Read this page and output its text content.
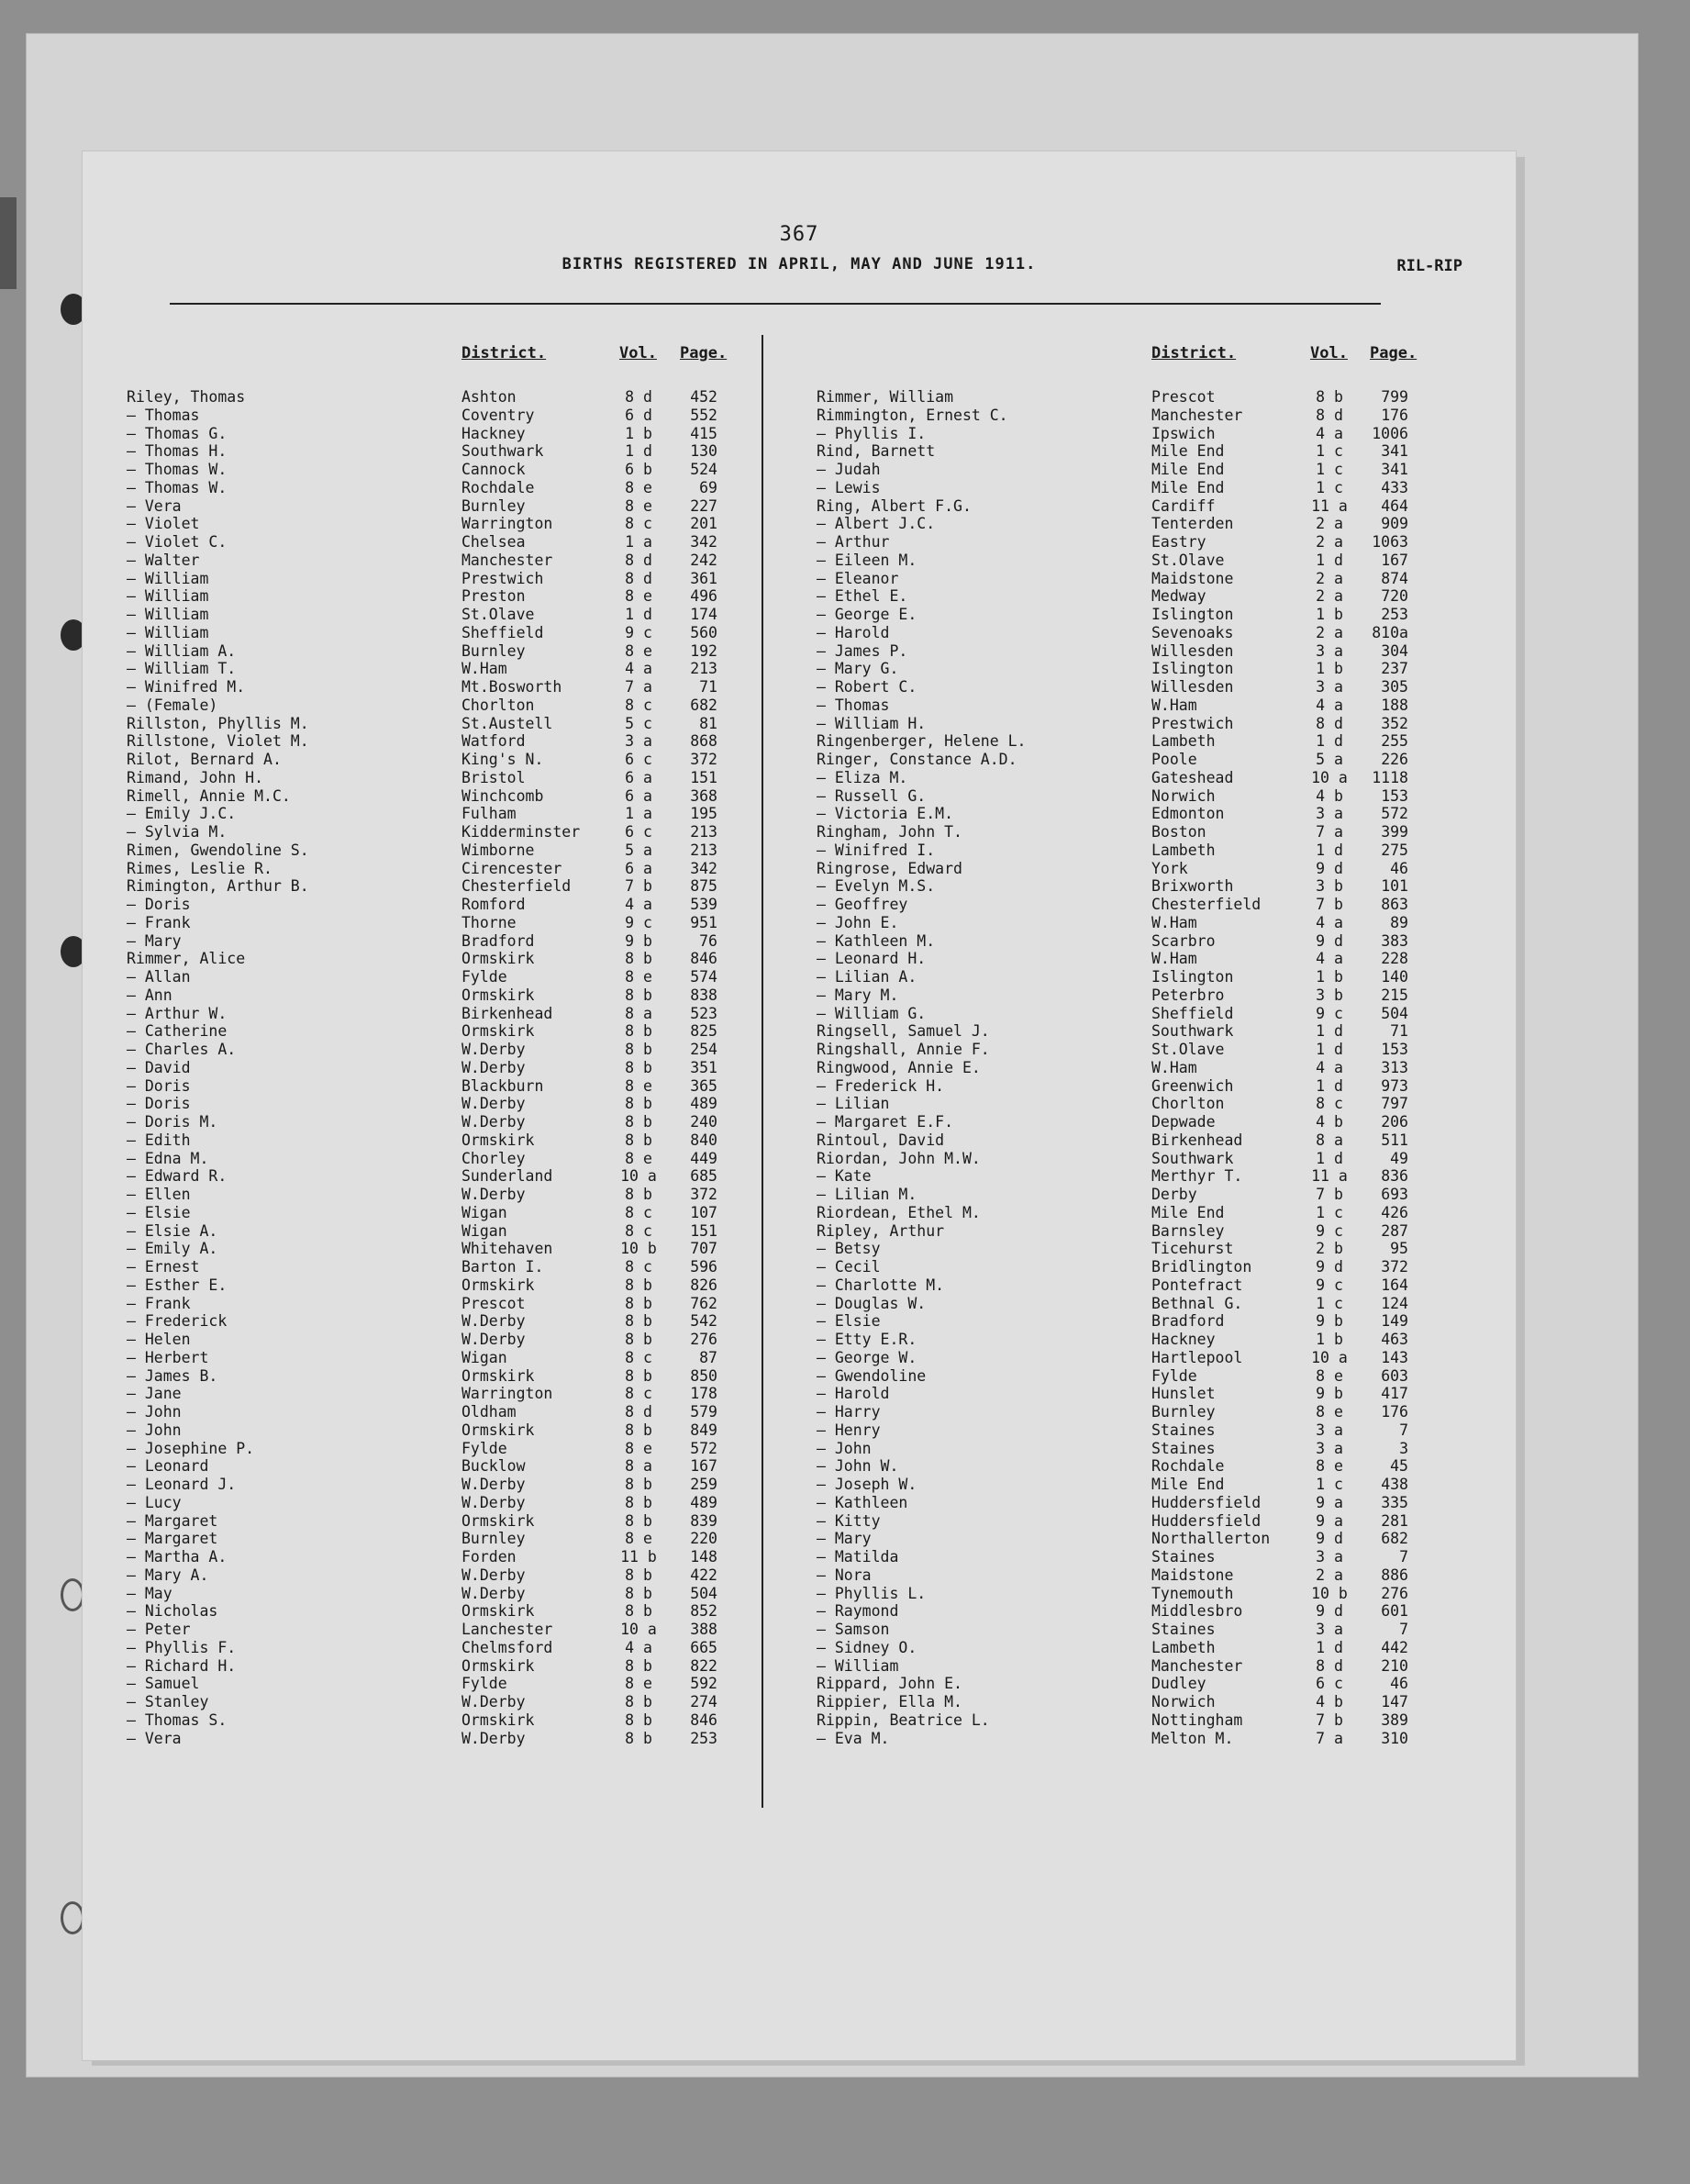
367
BIRTHS REGISTERED IN APRIL, MAY AND JUNE 1911.	RIL-RIP
District.	Vol. Page.
Riley, Thomas	Ashton	8 d	452
— Thomas	Coventry	6 d	552
— Thomas G.	Hackney	1 b	415
— Thomas H.	Southwark	1 d	130
— Thomas W.	Cannock	6 b	524
— Thomas W.	Rochdale	8 e	69
— Vera	Burnley	8 e	227
— Violet	Warrington	8 c	201
— Violet C.	Chelsea	1 a	342
— Walter	Manchester	8 d	242
— William	Prestwich	8 d	361
— William	Preston	8 e	496
— William	St.Olave	1 d	174
— William	Sheffield	9 c	560
— William A.	Burnley	8 e	192
— William T.	W.Ham	4 a	213
— Winifred M.	Mt.Bosworth	7 a	71
— (Female)	Chorlton	8 c	682
Rillston, Phyllis M.	St.Austell	5 c	81
Rillstone, Violet M.	Watford	3 a	868
Rilot, Bernard A.	King's N.	6 c	372
Rimand, John H.	Bristol	6 a	151
Rimell, Annie M.C.	Winchcomb	6 a	368
— Emily J.C.	Fulham	1 a	195
— Sylvia M.	Kidderminster	6 c	213
Rimen, Gwendoline S.	Wimborne	5 a	213
Rimes, Leslie R.	Cirencester	6 a	342
Rimington, Arthur B.	Chesterfield	7 b	875
— Doris	Romford	4 a	539
— Frank	Thorne	9 c	951
— Mary	Bradford	9 b	76
Rimmer, Alice	Ormskirk	8 b	846
— Allan	Fylde	8 e	574
— Ann	Ormskirk	8 b	838
— Arthur W.	Birkenhead	8 a	523
— Catherine	Ormskirk	8 b	825
— Charles A.	W.Derby	8 b	254
— David	W.Derby	8 b	351
— Doris	Blackburn	8 e	365
— Doris	W.Derby	8 b	489
— Doris M.	W.Derby	8 b	240
— Edith	Ormskirk	8 b	840
— Edna M.	Chorley	8 e	449
— Edward R.	Sunderland	10 a	685
— Ellen	W.Derby	8 b	372
— Elsie	Wigan	8 c	107
— Elsie A.	Wigan	8 c	151
— Emily A.	Whitehaven	10 b	707
— Ernest	Barton I.	8 c	596
— Esther E.	Ormskirk	8 b	826
— Frank	Prescot	8 b	762
— Frederick	W.Derby	8 b	542
— Helen	W.Derby	8 b	276
— Herbert	Wigan	8 c	87
— James B.	Ormskirk	8 b	850
— Jane	Warrington	8 c	178
— John	Oldham	8 d	579
— John	Ormskirk	8 b	849
— Josephine P.	Fylde	8 e	572
— Leonard	Bucklow	8 a	167
— Leonard J.	W.Derby	8 b	259
— Lucy	W.Derby	8 b	489
— Margaret	Ormskirk	8 b	839
— Margaret	Burnley	8 e	220
— Martha A.	Forden	11 b	148
— Mary A.	W.Derby	8 b	422
— May	W.Derby	8 b	504
— Nicholas	Ormskirk	8 b	852
— Peter	Lanchester	10 a	388
— Phyllis F.	Chelmsford	4 a	665
— Richard H.	Ormskirk	8 b	822
— Samuel	Fylde	8 e	592
— Stanley	W.Derby	8 b	274
— Thomas S.	Ormskirk	8 b	846
— Vera	W.Derby	8 b	253
District.	Vol. Page.
Rimmer, William	Prescot	8 b	799
Rimmington, Ernest C.	Manchester	8 d	176
— Phyllis I.	Ipswich	4 a	1006
Rind, Barnett	Mile End	1 c	341
— Judah	Mile End	1 c	341
— Lewis	Mile End	1 c	433
Ring, Albert F.G.	Cardiff	11 a	464
— Albert J.C.	Tenterden	2 a	909
— Arthur	Eastry	2 a	1063
— Eileen M.	St.Olave	1 d	167
— Eleanor	Maidstone	2 a	874
— Ethel E.	Medway	2 a	720
— George E.	Islington	1 b	253
— Harold	Sevenoaks	2 a	810a
— James P.	Willesden	3 a	304
— Mary G.	Islington	1 b	237
— Robert C.	Willesden	3 a	305
— Thomas	W.Ham	4 a	188
— William H.	Prestwich	8 d	352
Ringenberger, Helene L.	Lambeth	1 d	255
Ringer, Constance A.D.	Poole	5 a	226
— Eliza M.	Gateshead	10 a	1118
— Russell G.	Norwich	4 b	153
— Victoria E.M.	Edmonton	3 a	572
Ringham, John T.	Boston	7 a	399
— Winifred I.	Lambeth	1 d	275
Ringrose, Edward	York	9 d	46
— Evelyn M.S.	Brixworth	3 b	101
— Geoffrey	Chesterfield	7 b	863
— John E.	W.Ham	4 a	89
— Kathleen M.	Scarbro	9 d	383
— Leonard H.	W.Ham	4 a	228
— Lilian A.	Islington	1 b	140
— Mary M.	Peterbro	3 b	215
— William G.	Sheffield	9 c	504
Ringsell, Samuel J.	Southwark	1 d	71
Ringshall, Annie F.	St.Olave	1 d	153
Ringwood, Annie E.	W.Ham	4 a	313
— Frederick H.	Greenwich	1 d	973
— Lilian	Chorlton	8 c	797
— Margaret E.F.	Depwade	4 b	206
Rintoul, David	Birkenhead	8 a	511
Riordan, John M.W.	Southwark	1 d	49
— Kate	Merthyr T.	11 a	836
— Lilian M.	Derby	7 b	693
Riordean, Ethel M.	Mile End	1 c	426
Ripley, Arthur	Barnsley	9 c	287
— Betsy	Ticehurst	2 b	95
— Cecil	Bridlington	9 d	372
— Charlotte M.	Pontefract	9 c	164
— Douglas W.	Bethnal G.	1 c	124
— Elsie	Bradford	9 b	149
— Etty E.R.	Hackney	1 b	463
— George W.	Hartlepool	10 a	143
— Gwendoline	Fylde	8 e	603
— Harold	Hunslet	9 b	417
— Harry	Burnley	8 e	176
— Henry	Staines	3 a	7
— John	Staines	3 a	3
— John W.	Rochdale	8 e	45
— Joseph W.	Mile End	1 c	438
— Kathleen	Huddersfield	9 a	335
— Kitty	Huddersfield	9 a	281
— Mary	Northallerton	9 d	682
— Matilda	Staines	3 a	7
— Nora	Maidstone	2 a	886
— Phyllis L.	Tynemouth	10 b	276
— Raymond	Middlesbro	9 d	601
— Samson	Staines	3 a	7
— Sidney O.	Lambeth	1 d	442
— William	Manchester	8 d	210
Rippard, John E.	Dudley	6 c	46
Rippier, Ella M.	Norwich	4 b	147
Rippin, Beatrice L.	Nottingham	7 b	389
— Eva M.	Melton M.	7 a	310
